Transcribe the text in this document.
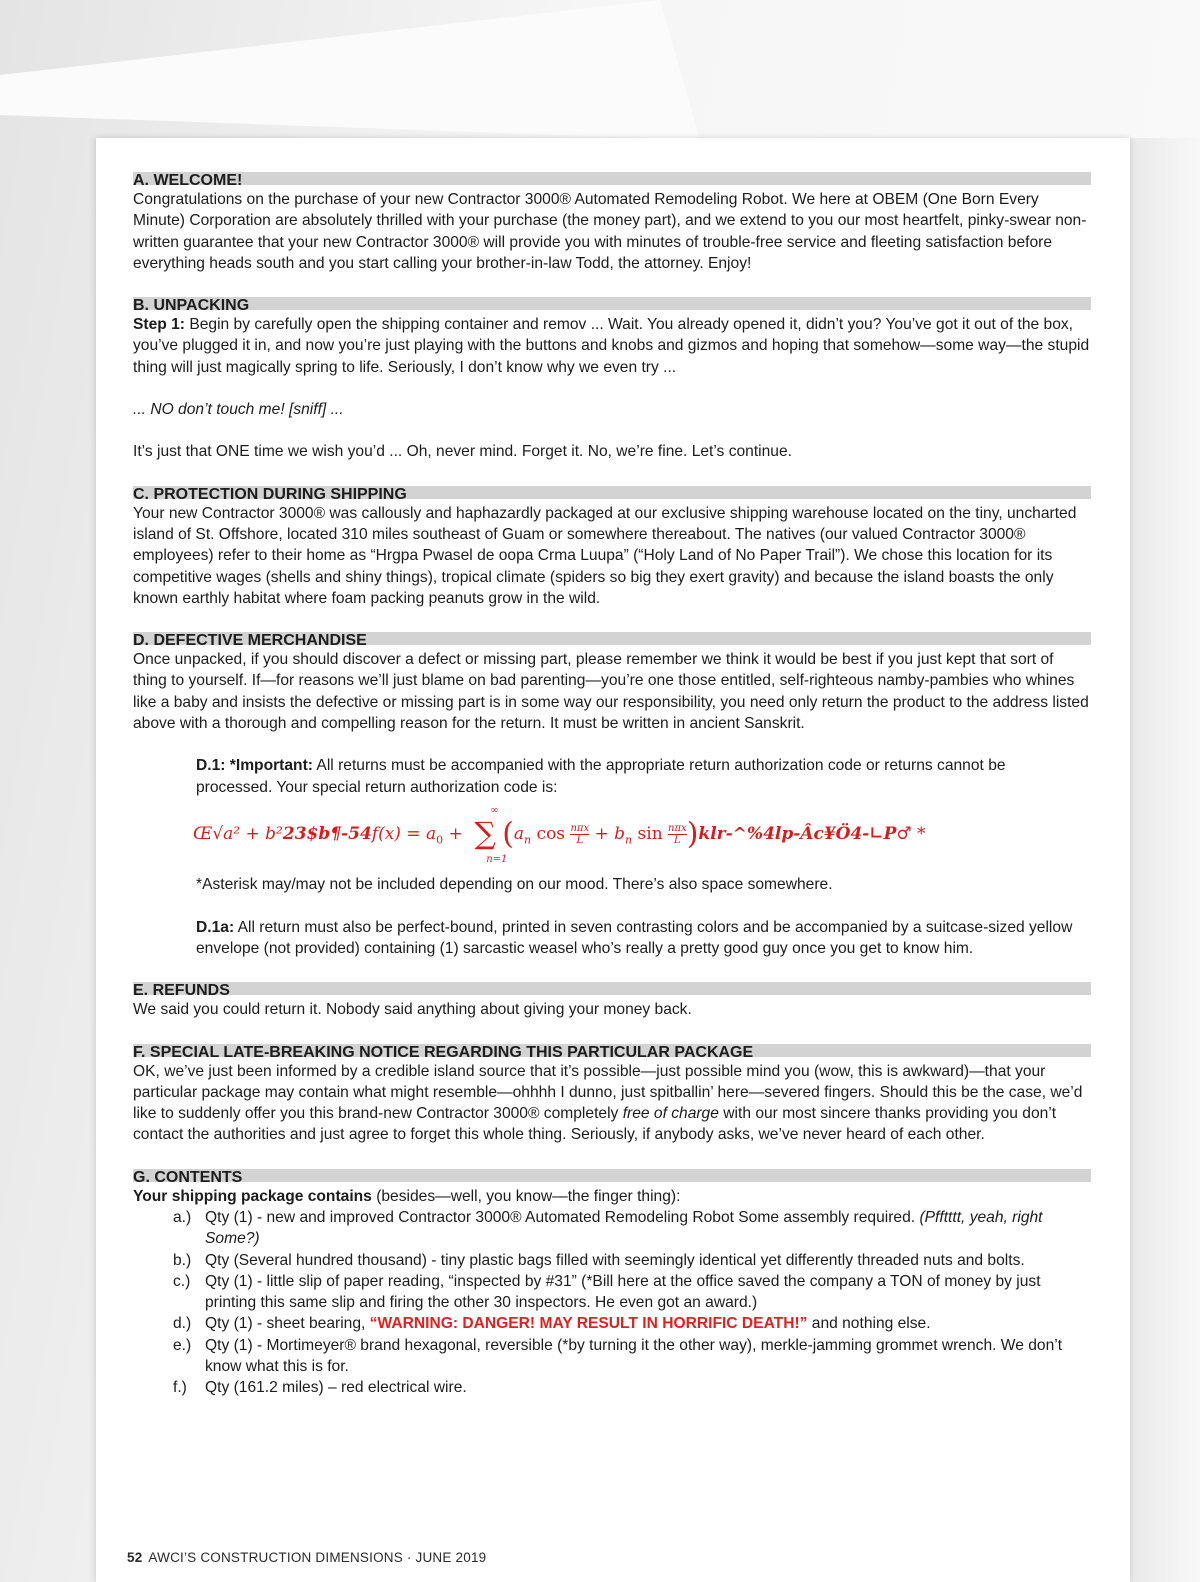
A. WELCOME!

Congratulations on the purchase of your new Contractor 3000® Automated Remodeling Robot. We here at OBEM (One Born Every Minute) Corporation are absolutely thrilled with your purchase (the money part), and we extend to you our most heartfelt, pinky-swear non-written guarantee that your new Contractor 3000® will provide you with minutes of trouble-free service and fleeting satisfaction before everything heads south and you start calling your brother-in-law Todd, the attorney. Enjoy!

B. UNPACKING

Step 1: Begin by carefully open the shipping container and remov ... Wait. You already opened it, didn’t you? You’ve got it out of the box, you’ve plugged it in, and now you’re just playing with the buttons and knobs and gizmos and hoping that somehow—some way—the stupid thing will just magically spring to life. Seriously, I don’t know why we even try ...

... NO don’t touch me! [sniff] ...

It’s just that ONE time we wish you’d ... Oh, never mind. Forget it. No, we’re fine. Let’s continue.

C. PROTECTION DURING SHIPPING

Your new Contractor 3000® was callously and haphazardly packaged at our exclusive shipping warehouse located on the tiny, uncharted island of St. Offshore, located 310 miles southeast of Guam or somewhere thereabout. The natives (our valued Contractor 3000® employees) refer to their home as “Hrgpa Pwasel de oopa Crma Luupa” (“Holy Land of No Paper Trail”). We chose this location for its competitive wages (shells and shiny things), tropical climate (spiders so big they exert gravity) and because the island boasts the only known earthly habitat where foam packing peanuts grow in the wild.

D. DEFECTIVE MERCHANDISE

Once unpacked, if you should discover a defect or missing part, please remember we think it would be best if you just kept that sort of thing to yourself. If—for reasons we’ll just blame on bad parenting—you’re one those entitled, self-righteous namby-pambies who whines like a baby and insists the defective or missing part is in some way our responsibility, you need only return the product to the address listed above with a thorough and compelling reason for the return. It must be written in ancient Sanskrit.

D.1: *Important: All returns must be accompanied with the appropriate return authorization code or returns cannot be processed. Your special return authorization code is:

Œ√a² + b²23$b¶-54f(x) = $a_0$ +
∞
∑
n=1
($a_n$ $\cos \frac{\text{nπx}}{L} + b_n$ $\sin \frac{\text{nπx}}{L}$ )klr-^%4lp-Âc¥Ö4-∟P♂ *

*Asterisk may/may not be included depending on our mood. There’s also space somewhere.

D.1a: All return must also be perfect-bound, printed in seven contrasting colors and be accompanied by a suitcase-sized yellow envelope (not provided) containing (1) sarcastic weasel who’s really a pretty good guy once you get to know him.

E. REFUNDS

We said you could return it. Nobody said anything about giving your money back.

F. SPECIAL LATE-BREAKING NOTICE REGARDING THIS PARTICULAR PACKAGE

OK, we’ve just been informed by a credible island source that it’s possible—just possible mind you (wow, this is awkward)—that your particular package may contain what might resemble—ohhhh I dunno, just spitballin’ here—severed fingers. Should this be the case, we’d like to suddenly offer you this brand-new Contractor 3000® completely free of charge with our most sincere thanks providing you don’t contact the authorities and just agree to forget this whole thing. Seriously, if anybody asks, we’ve never heard of each other.

G. CONTENTS

Your shipping package contains (besides—well, you know—the finger thing):

a.) Qty (1) - new and improved Contractor 3000® Automated Remodeling Robot Some assembly required. (Pfftttt, yeah, right Some?)
b.) Qty (Several hundred thousand) - tiny plastic bags filled with seemingly identical yet differently threaded nuts and bolts.
c.) Qty (1) - little slip of paper reading, “inspected by #31” (*Bill here at the office saved the company a TON of money by just printing this same slip and firing the other 30 inspectors. He even got an award.)
d.) Qty (1) - sheet bearing, “WARNING: DANGER! MAY RESULT IN HORRIFIC DEATH!” and nothing else.
e.) Qty (1) - Mortimeyer® brand hexagonal, reversible (*by turning it the other way), merkle-jamming grommet wrench. We don’t know what this is for.
f.) Qty (161.2 miles) – red electrical wire.
52 AWCI’S CONSTRUCTION DIMENSIONS · JUNE 2019
